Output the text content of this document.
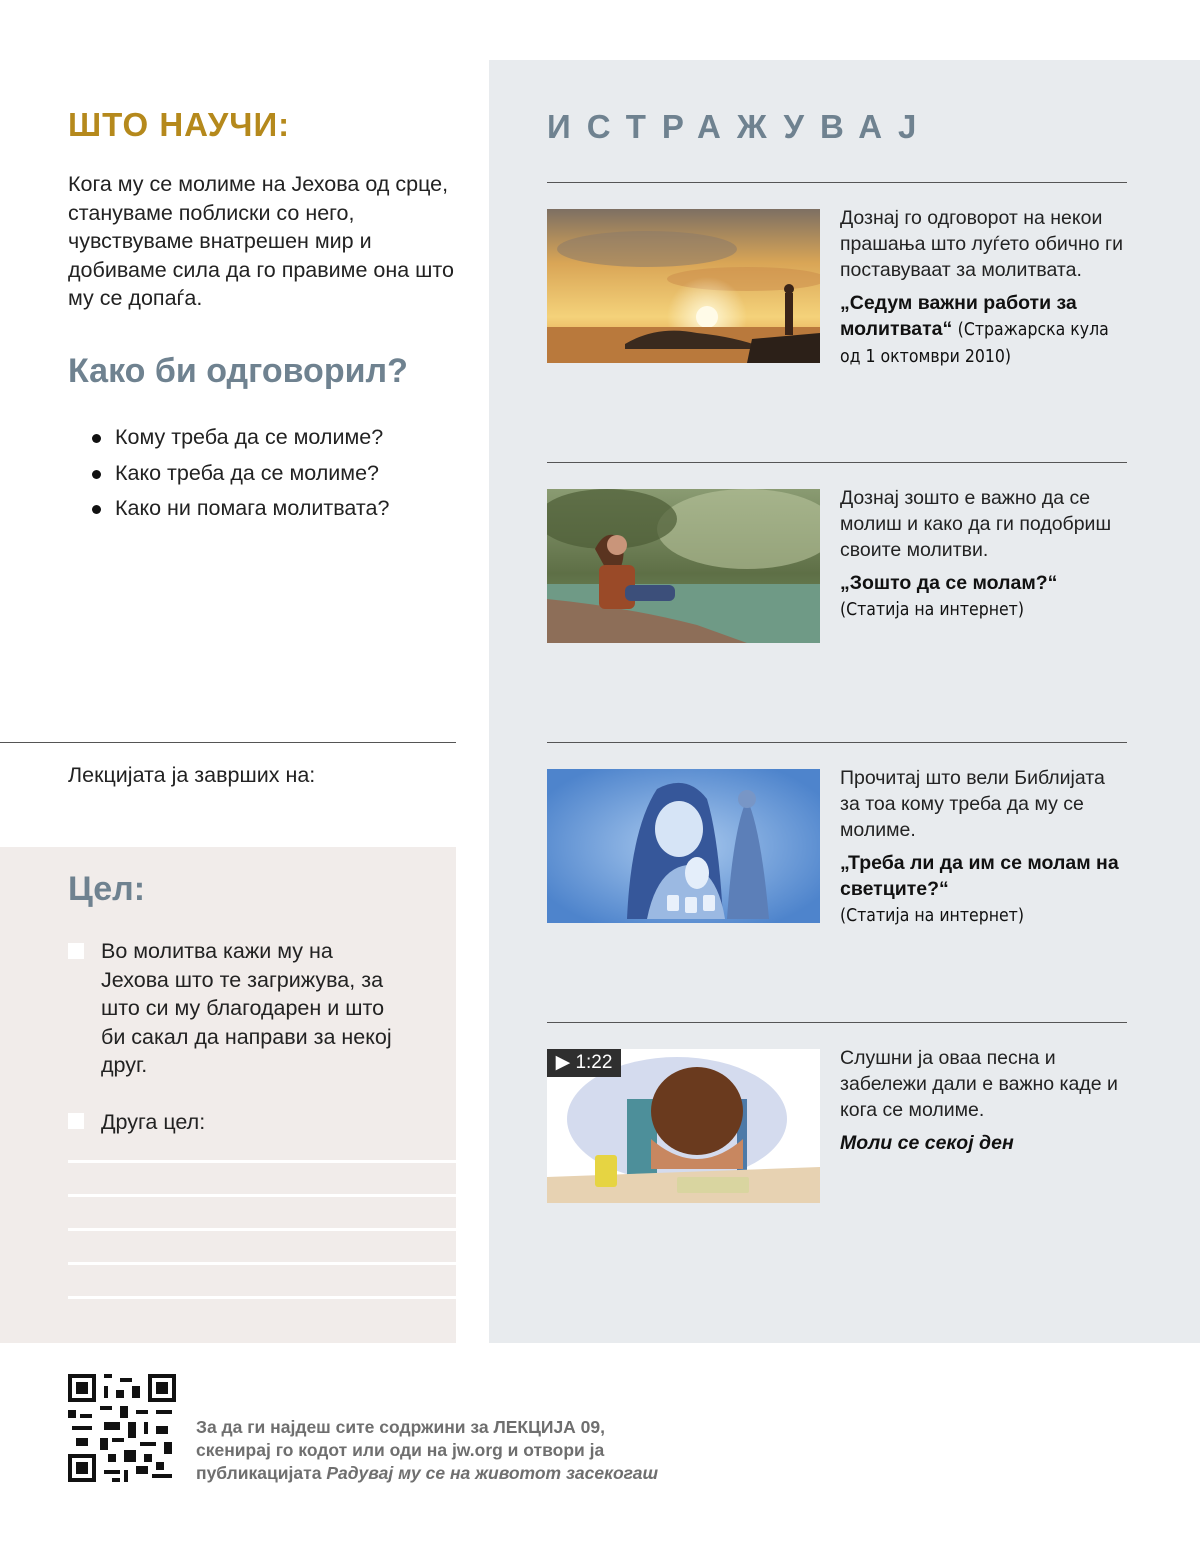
ШТО НАУЧИ:

Кога му се молиме на Јехова од срце, стануваме поблиски со него, чувствуваме внатрешен мир и добиваме сила да го правиме она што му се допаѓа.

Како би одговорил?
Кому треба да се молиме?
Како треба да се молиме?
Како ни помага молитвата?
Лекцијата ја заврших на:
Цел:

Во молитва кажи му на Јехова што те загрижува, за што си му благодарен и што би сакал да направи за некој друг.

Друга цел:

ИСТРАЖУВАЈ

Дознај го одговорот на некои прашања што луѓето обично ги поставуваат за молитвата.

„Седум важни работи за молитвата“ (Стражарска кула од 1 октомври 2010)

Дознај зошто е важно да се молиш и како да ги подобриш своите молитви.

„Зошто да се молам?“
(Статија на интернет)

Прочитај што вели Библијата за тоа кому треба да му се молиме.

„Треба ли да им се молам на светците?“
(Статија на интернет)

▶ 1:22	Слушни ја оваа песна и забележи дали е важно каде и кога се молиме.

Моли се секој ден

За да ги најдеш сите содржини за ЛЕКЦИЈА 09,
скенирај го кодот или оди на jw.org и отвори ја
публикацијата Радувај му се на животот засекогаш
